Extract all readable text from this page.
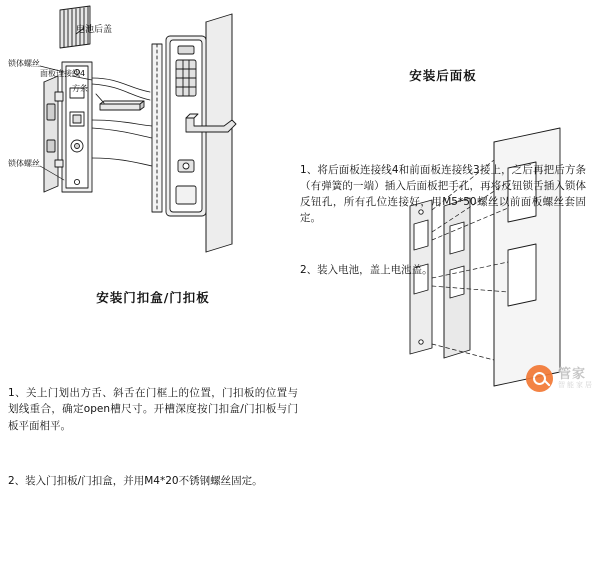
电池后盖
锁体螺丝
面板连接线4
方条
锁体螺丝

安装后面板

1、将后面板连接线4和前面板连接线3接上，之后再把后方条（有弹簧的一端）插入后面板把手孔，再将反钮锁舌插入锁体反钮孔，所有孔位连接好，用M5*50螺丝以前面板螺丝套固定。

2、装入电池，盖上电池盖。

安装门扣盒/门扣板

1、关上门划出方舌、斜舌在门框上的位置，门扣板的位置与划线重合，确定open槽尺寸。开槽深度按门扣盒/门扣板与门板平面相平。

2、装入门扣板/门扣盒，并用M4*20不锈钢螺丝固定。

管家
智能家居
